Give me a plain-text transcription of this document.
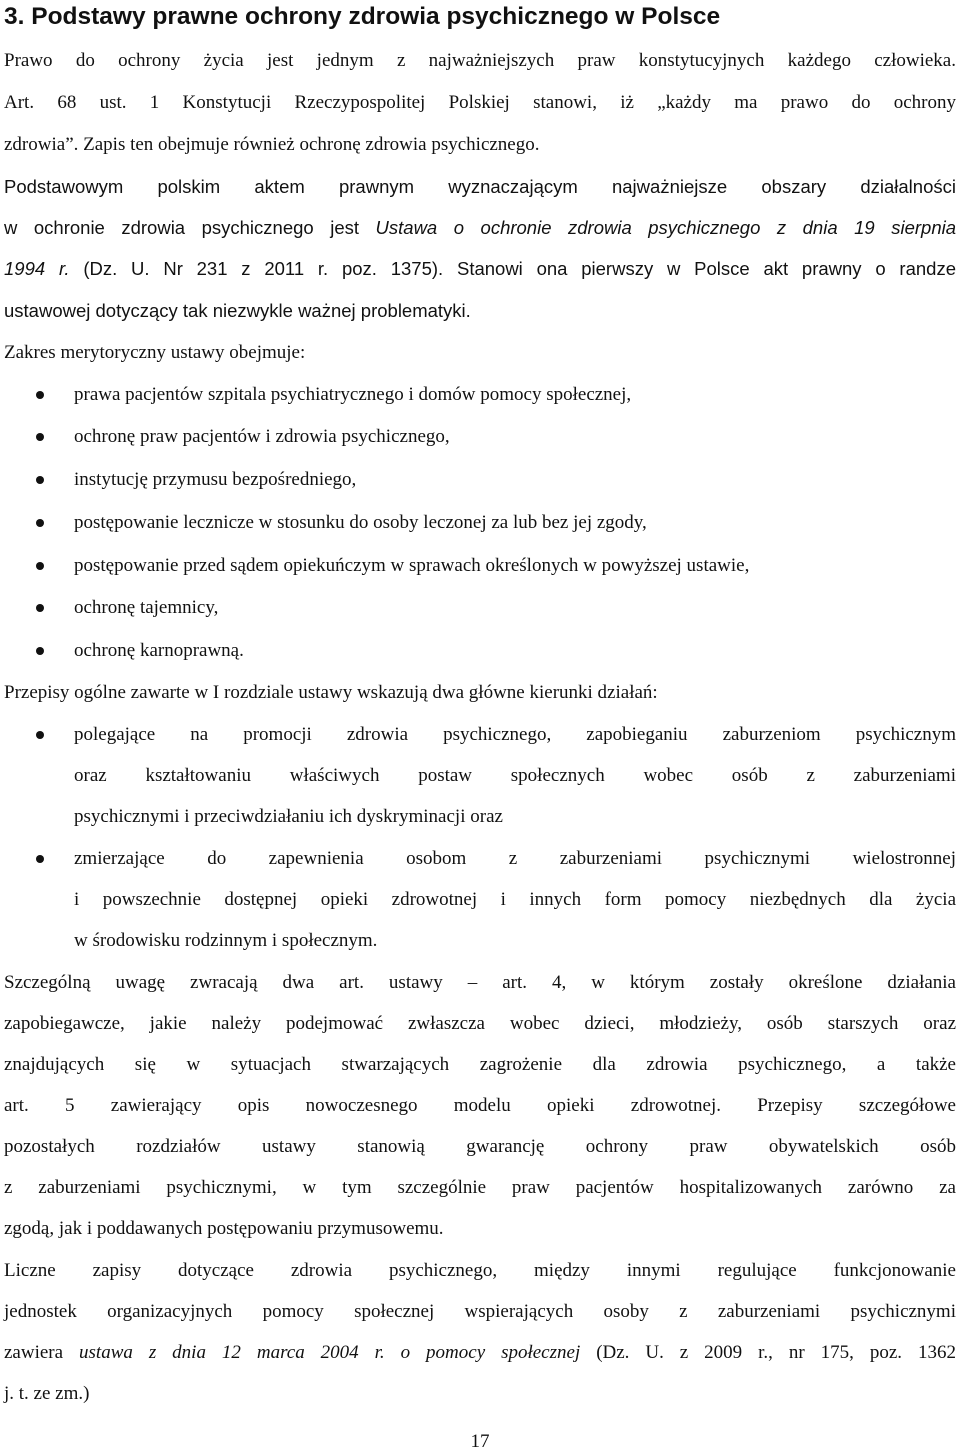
3. Podstawy prawne ochrony zdrowia psychicznego w Polsce
Prawo do ochrony życia jest jednym z najważniejszych praw konstytucyjnych każdego człowieka.
Art. 68 ust. 1 Konstytucji Rzeczypospolitej Polskiej stanowi, iż „każdy ma prawo do ochrony
zdrowia”. Zapis ten obejmuje również ochronę zdrowia psychicznego.
Podstawowym polskim aktem prawnym wyznaczającym najważniejsze obszary działalności
w ochronie zdrowia psychicznego jest Ustawa o ochronie zdrowia psychicznego z dnia 19 sierpnia
1994 r. (Dz. U. Nr 231 z 2011 r. poz. 1375). Stanowi ona pierwszy w Polsce akt prawny o randze
ustawowej dotyczący tak niezwykle ważnej problematyki.
Zakres merytoryczny ustawy obejmuje:
prawa pacjentów szpitala psychiatrycznego i domów pomocy społecznej,
ochronę praw pacjentów i zdrowia psychicznego,
instytucję przymusu bezpośredniego,
postępowanie lecznicze w stosunku do osoby leczonej za lub bez jej zgody,
postępowanie przed sądem opiekuńczym w sprawach określonych w powyższej ustawie,
ochronę tajemnicy,
ochronę karnoprawną.
Przepisy ogólne zawarte w I rozdziale ustawy wskazują dwa główne kierunki działań:
polegające na promocji zdrowia psychicznego, zapobieganiu zaburzeniom psychicznym
oraz kształtowaniu właściwych postaw społecznych wobec osób z zaburzeniami
psychicznymi i przeciwdziałaniu ich dyskryminacji oraz
zmierzające do zapewnienia osobom z zaburzeniami psychicznymi wielostronnej
i powszechnie dostępnej opieki zdrowotnej i innych form pomocy niezbędnych dla życia
w środowisku rodzinnym i społecznym.
Szczególną uwagę zwracają dwa art. ustawy – art. 4, w którym zostały określone działania
zapobiegawcze, jakie należy podejmować zwłaszcza wobec dzieci, młodzieży, osób starszych oraz
znajdujących się w sytuacjach stwarzających zagrożenie dla zdrowia psychicznego, a także
art. 5 zawierający opis nowoczesnego modelu opieki zdrowotnej. Przepisy szczegółowe
pozostałych rozdziałów ustawy stanowią gwarancję ochrony praw obywatelskich osób
z zaburzeniami psychicznymi, w tym szczególnie praw pacjentów hospitalizowanych zarówno za
zgodą, jak i poddawanych postępowaniu przymusowemu.
Liczne zapisy dotyczące zdrowia psychicznego, między innymi regulujące funkcjonowanie
jednostek organizacyjnych pomocy społecznej wspierających osoby z zaburzeniami psychicznymi
zawiera ustawa z dnia 12 marca 2004 r. o pomocy społecznej (Dz. U. z 2009 r., nr 175, poz. 1362
j. t. ze zm.)
17
